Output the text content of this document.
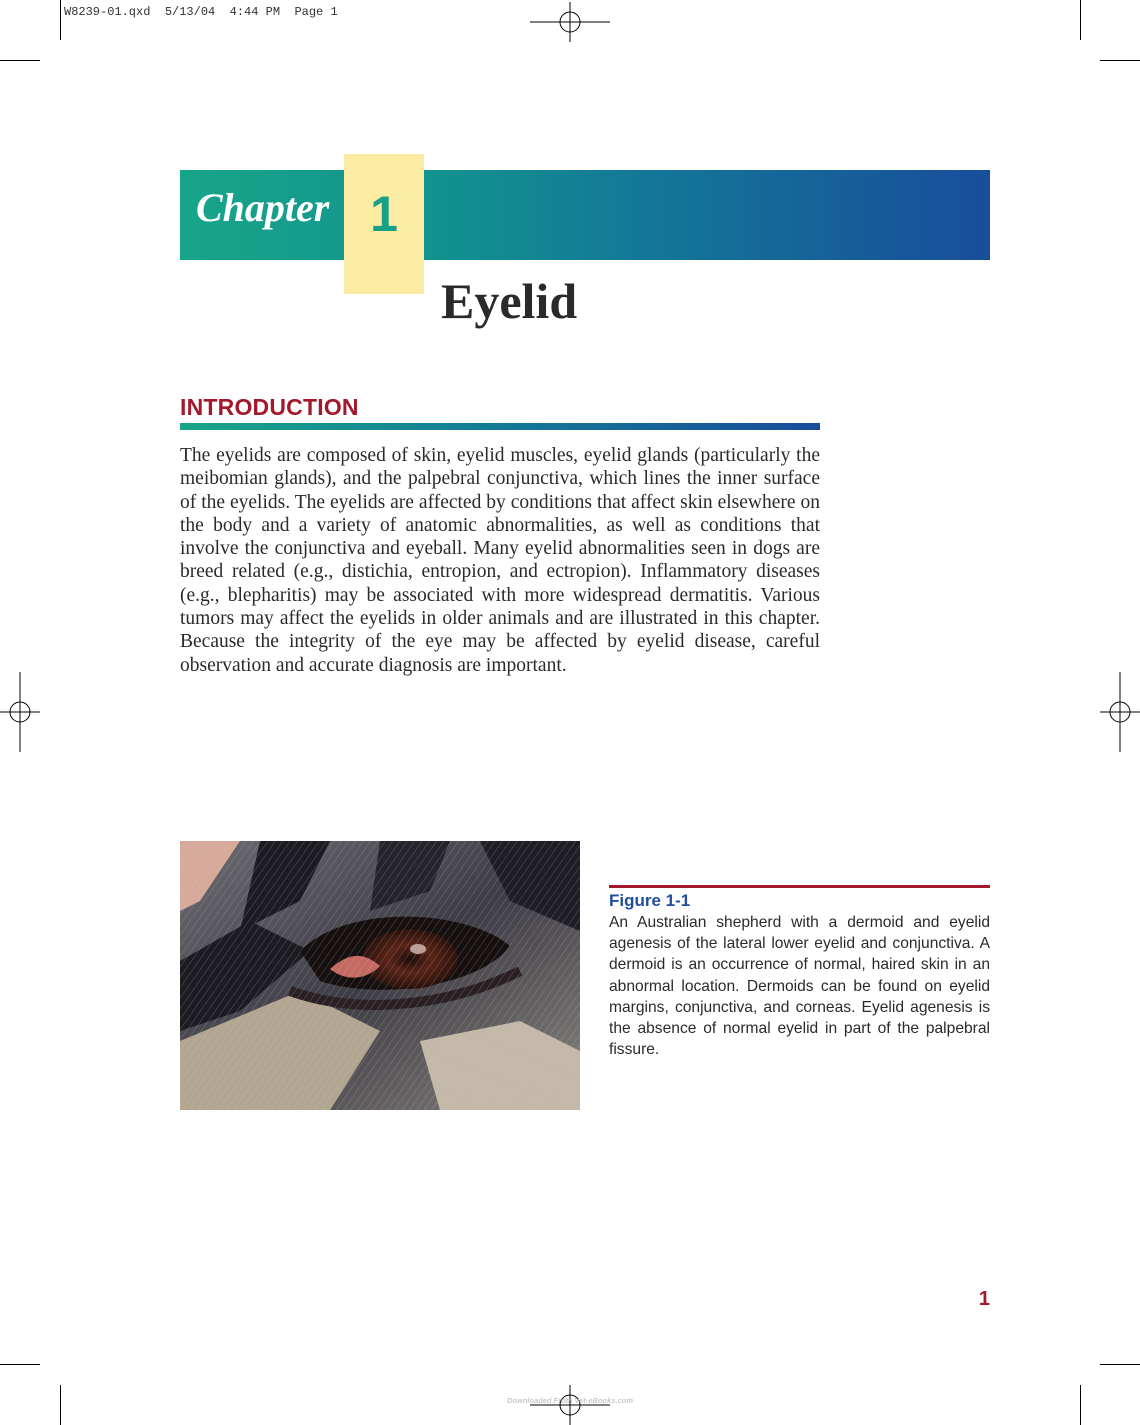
W8239-01.qxd  5/13/04  4:44 PM  Page 1
Chapter 1
Eyelid
INTRODUCTION

The eyelids are composed of skin, eyelid muscles, eyelid glands (particularly the meibomian glands), and the palpebral conjunctiva, which lines the inner surface of the eyelids. The eyelids are affected by conditions that affect skin elsewhere on the body and a variety of anatomic abnormalities, as well as conditions that involve the conjunctiva and eyeball. Many eyelid abnormalities seen in dogs are breed related (e.g., distichia, entropion, and ectropion). Inflammatory diseases (e.g., blepharitis) may be associated with more widespread dermatitis. Various tumors may affect the eyelids in older animals and are illustrated in this chapter. Because the integrity of the eye may be affected by eyelid disease, careful observation and accurate diagnosis are important.

Figure 1-1

An Australian shepherd with a dermoid and eyelid agenesis of the lateral lower eyelid and conjunctiva. A dermoid is an occurrence of normal, haired skin in an abnormal location. Dermoids can be found on eyelid margins, conjunctiva, and corneas. Eyelid agenesis is the absence of normal eyelid in part of the palpebral fissure.

1
Downloaded From Vet-eBooks.com
